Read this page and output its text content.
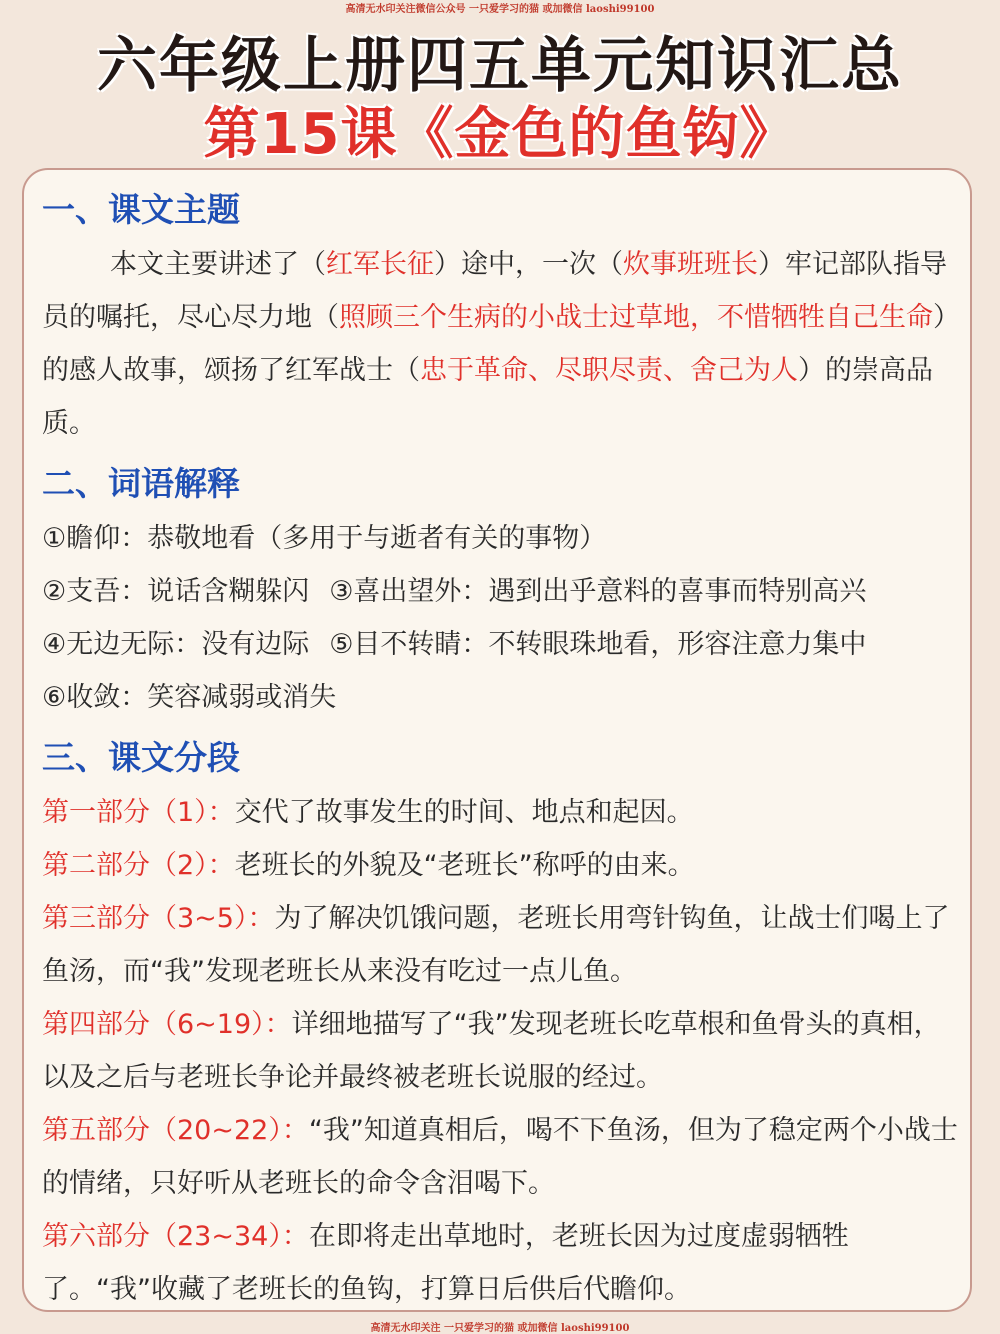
高清无水印关注微信公众号 一只爱学习的猫 或加微信 laoshi99100
六年级上册四五单元知识汇总
第15课《金色的鱼钩》
一、课文主题
本文主要讲述了（红军长征）途中，一次（炊事班班长）牢记部队指导员的嘱托，尽心尽力地（照顾三个生病的小战士过草地，不惜牺牲自己生命）的感人故事，颂扬了红军战士（忠于革命、尽职尽责、舍己为人）的崇高品质。
二、词语解释
①瞻仰：恭敬地看（多用于与逝者有关的事物）
②支吾：说话含糊躲闪 ③喜出望外：遇到出乎意料的喜事而特别高兴
④无边无际：没有边际 ⑤目不转睛：不转眼珠地看，形容注意力集中
⑥收敛：笑容减弱或消失
三、课文分段
第一部分（1）：交代了故事发生的时间、地点和起因。
第二部分（2）：老班长的外貌及“老班长”称呼的由来。
第三部分（3~5）：为了解决饥饿问题，老班长用弯针钩鱼，让战士们喝上了鱼汤，而“我”发现老班长从来没有吃过一点儿鱼。
第四部分（6~19）：详细地描写了“我”发现老班长吃草根和鱼骨头的真相，以及之后与老班长争论并最终被老班长说服的经过。
第五部分（20~22）：“我”知道真相后，喝不下鱼汤，但为了稳定两个小战士的情绪，只好听从老班长的命令含泪喝下。
第六部分（23~34）：在即将走出草地时，老班长因为过度虚弱牺牲了。“我”收藏了老班长的鱼钩，打算日后供后代瞻仰。
高清无水印关注 一只爱学习的猫 或加微信 laoshi99100
